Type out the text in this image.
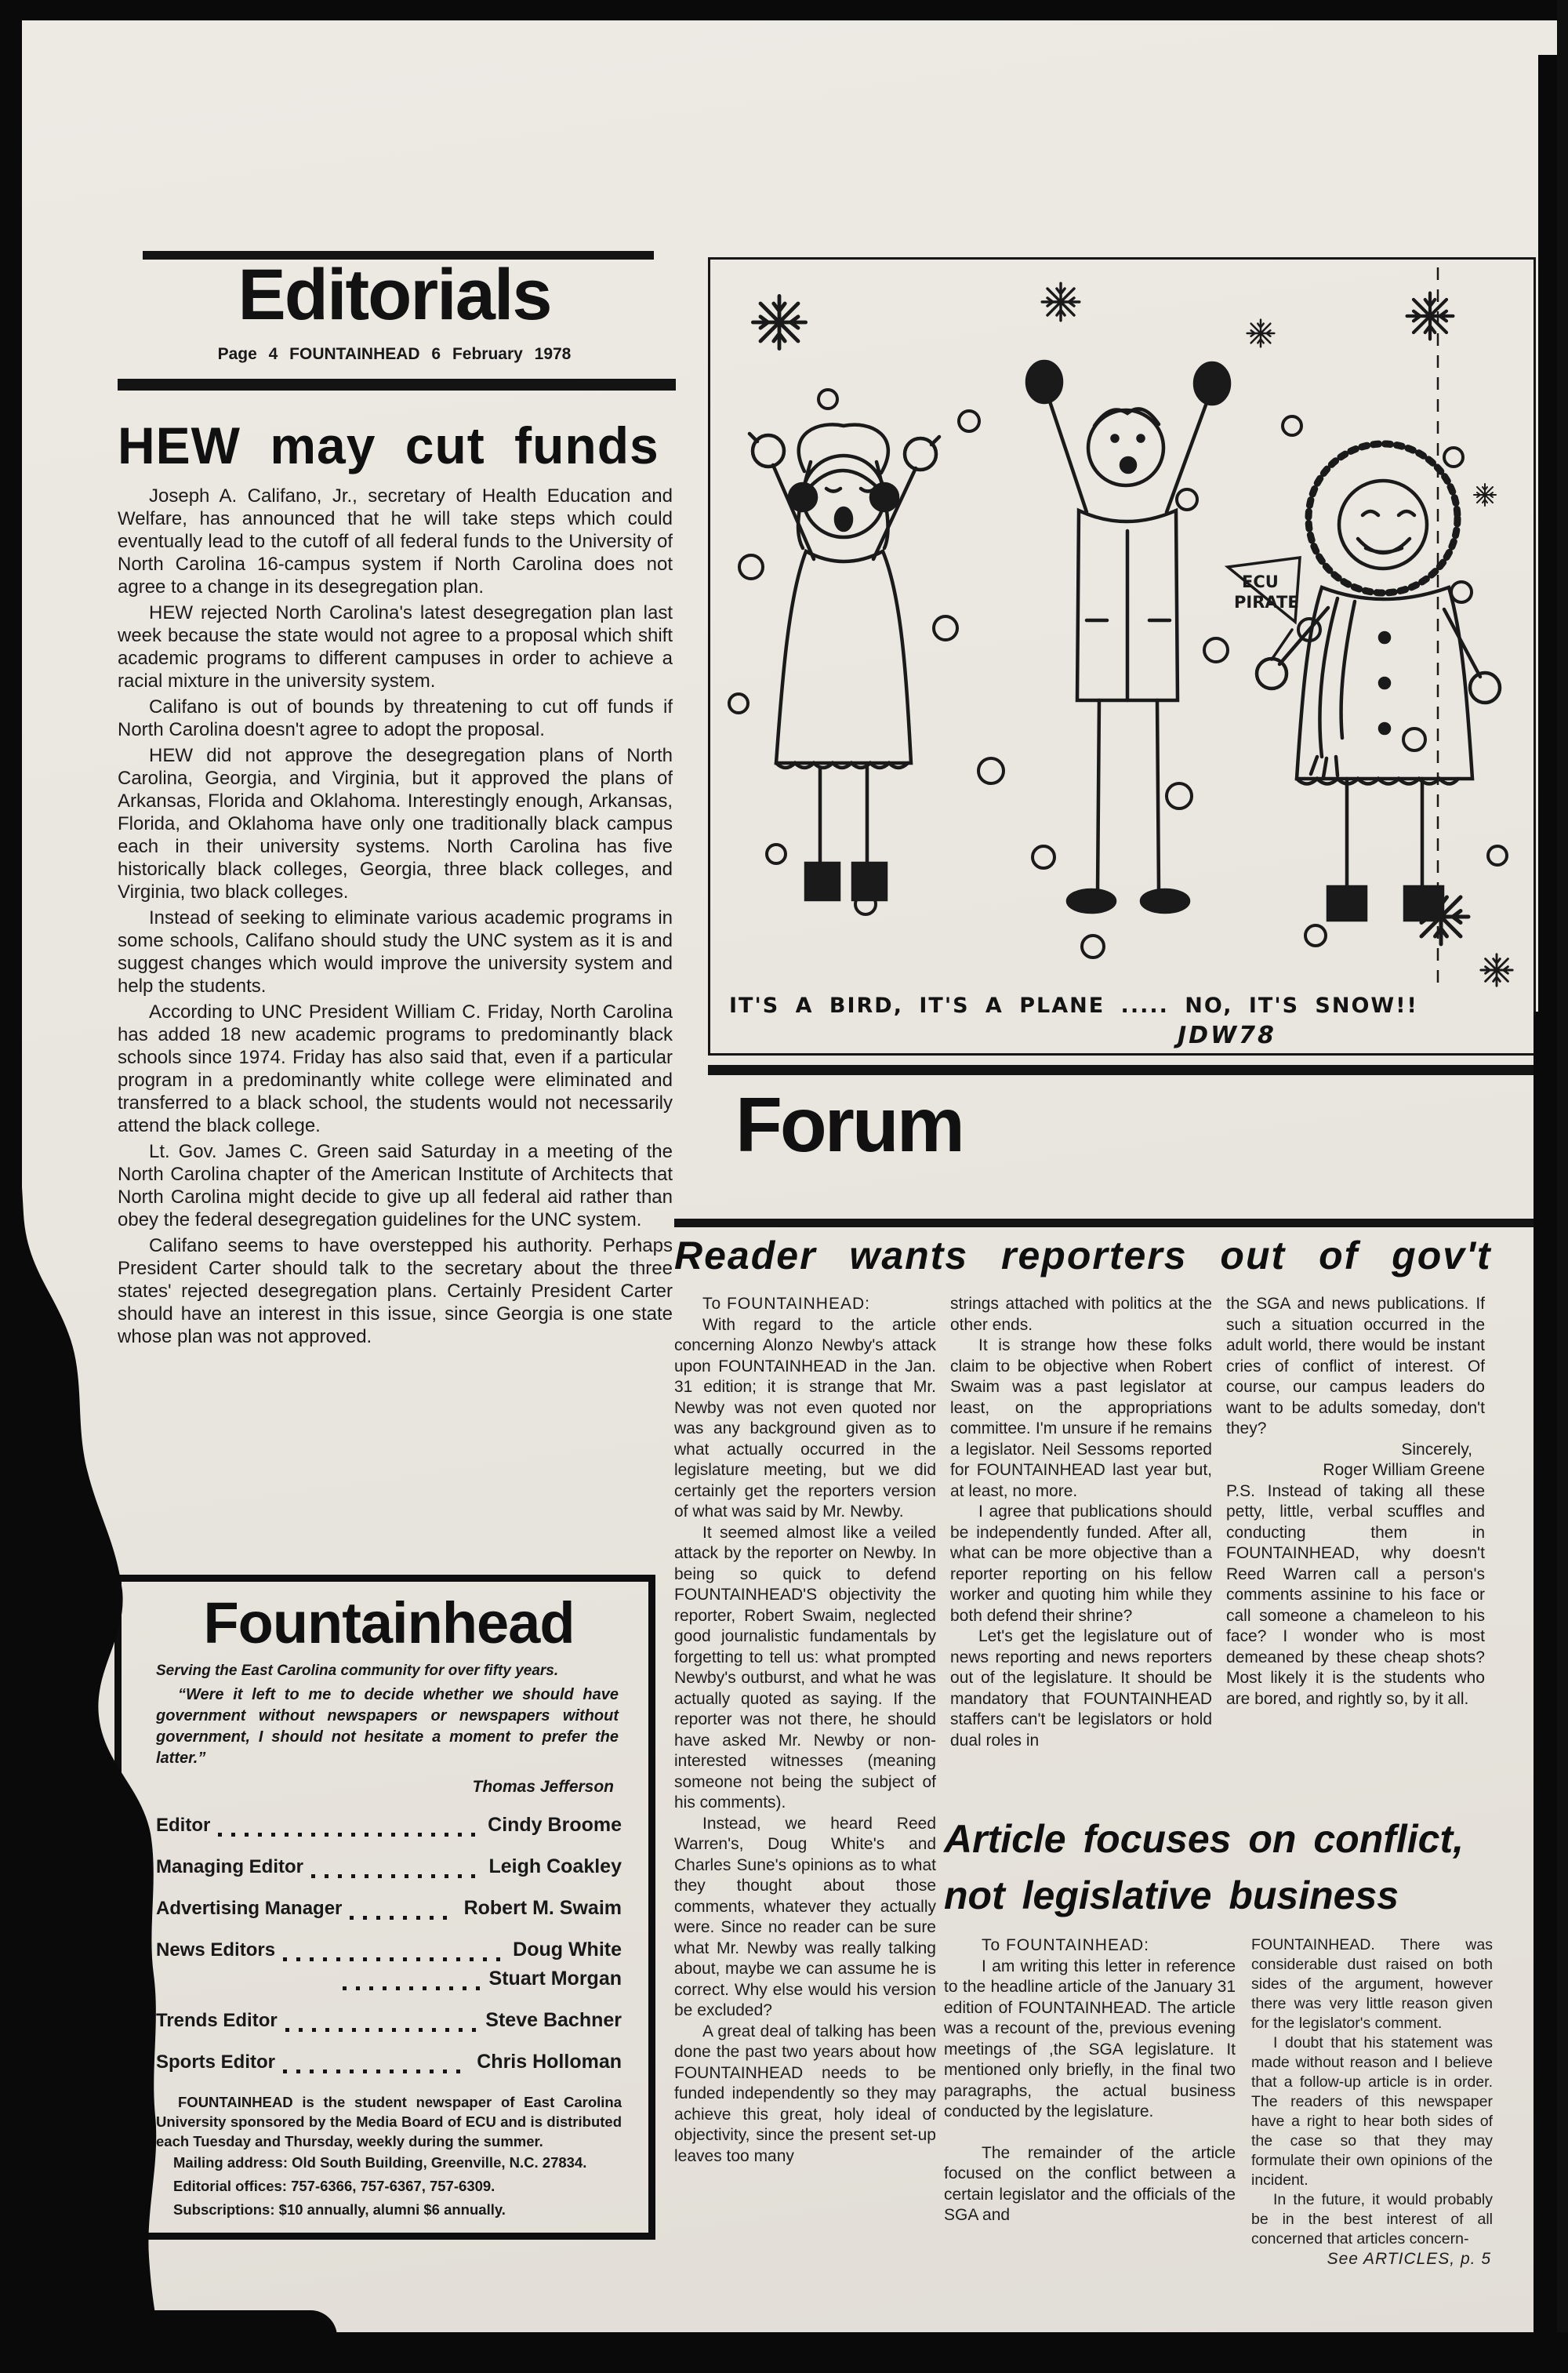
Editorials
Page 4 FOUNTAINHEAD 6 February 1978
HEW may cut funds

Joseph A. Califano, Jr., secretary of Health Education and Welfare, has announced that he will take steps which could eventually lead to the cutoff of all federal funds to the University of North Carolina 16-campus system if North Carolina does not agree to a change in its desegregation plan.

HEW rejected North Carolina's latest desegregation plan last week because the state would not agree to a proposal which shift academic programs to different campuses in order to achieve a racial mixture in the university system.

Califano is out of bounds by threatening to cut off funds if North Carolina doesn't agree to adopt the proposal.

HEW did not approve the desegregation plans of North Carolina, Georgia, and Virginia, but it approved the plans of Arkansas, Florida and Oklahoma. Interestingly enough, Arkansas, Florida, and Oklahoma have only one traditionally black campus each in their university systems. North Carolina has five historically black colleges, Georgia, three black colleges, and Virginia, two black colleges.

Instead of seeking to eliminate various academic programs in some schools, Califano should study the UNC system as it is and suggest changes which would improve the university system and help the students.

According to UNC President William C. Friday, North Carolina has added 18 new academic programs to predominantly black schools since 1974. Friday has also said that, even if a particular program in a predominantly white college were eliminated and transferred to a black school, the students would not necessarily attend the black college.

Lt. Gov. James C. Green said Saturday in a meeting of the North Carolina chapter of the American Institute of Architects that North Carolina might decide to give up all federal aid rather than obey the federal desegregation guidelines for the UNC system.

Califano seems to have overstepped his authority. Perhaps President Carter should talk to the secretary about the three states' rejected desegregation plans. Certainly President Carter should have an interest in this issue, since Georgia is one state whose plan was not approved.

ECU
PIRATE
IT'S A BIRD, IT'S A PLANE ..... NO, IT'S SNOW!!
JDW78
Forum
Reader wants reporters out of gov't

To FOUNTAINHEAD:

With regard to the article concerning Alonzo Newby's attack upon FOUNTAINHEAD in the Jan. 31 edition; it is strange that Mr. Newby was not even quoted nor was any background given as to what actually occurred in the legislature meeting, but we did certainly get the reporters version of what was said by Mr. Newby.

It seemed almost like a veiled attack by the reporter on Newby. In being so quick to defend FOUNTAINHEAD'S objectivity the reporter, Robert Swaim, neglected good journalistic fundamentals by forgetting to tell us: what prompted Newby's outburst, and what he was actually quoted as saying. If the reporter was not there, he should have asked Mr. Newby or non-interested witnesses (meaning someone not being the subject of his comments).

Instead, we heard Reed Warren's, Doug White's and Charles Sune's opinions as to what they thought about those comments, whatever they actually were. Since no reader can be sure what Mr. Newby was really talking about, maybe we can assume he is correct. Why else would his version be excluded?

A great deal of talking has been done the past two years about how FOUNTAINHEAD needs to be funded independently so they may achieve this great, holy ideal of objectivity, since the present set-up leaves too many

strings attached with politics at the other ends.

It is strange how these folks claim to be objective when Robert Swaim was a past legislator at least, on the appropriations committee. I'm unsure if he remains a legislator. Neil Sessoms reported for FOUNTAINHEAD last year but, at least, no more.

I agree that publications should be independently funded. After all, what can be more objective than a reporter reporting on his fellow worker and quoting him while they both defend their shrine?

Let's get the legislature out of news reporting and news reporters out of the legislature. It should be mandatory that FOUNTAINHEAD staffers can't be legislators or hold dual roles in

the SGA and news publications. If such a situation occurred in the adult world, there would be instant cries of conflict of interest. Of course, our campus leaders do want to be adults someday, don't they?

Sincerely,

Roger William Greene

P.S. Instead of taking all these petty, little, verbal scuffles and conducting them in FOUNTAINHEAD, why doesn't Reed Warren call a person's comments assinine to his face or call someone a chameleon to his face? I wonder who is most demeaned by these cheap shots? Most likely it is the students who are bored, and rightly so, by it all.

Article focuses on conflict,
not legislative business

To FOUNTAINHEAD:

I am writing this letter in reference to the headline article of the January 31 edition of FOUNTAINHEAD. The article was a recount of the, previous evening meetings of ,the SGA legislature. It mentioned only briefly, in the final two paragraphs, the actual business conducted by the legislature.

The remainder of the article focused on the conflict between a certain legislator and the officials of the SGA and

FOUNTAINHEAD. There was considerable dust raised on both sides of the argument, however there was very little reason given for the legislator's comment.

I doubt that his statement was made without reason and I believe that a follow-up article is in order. The readers of this newspaper have a right to hear both sides of the case so that they may formulate their own opinions of the incident.

In the future, it would probably be in the best interest of all concerned that articles concern-

See ARTICLES, p. 5

Fountainhead
Serving the East Carolina community for over fifty years.
“Were it left to me to decide whether we should have government without newspapers or newspapers without government, I should not hesitate a moment to prefer the latter.”
Thomas Jefferson
Editor	Cindy Broome
Managing Editor	Leigh Coakley
Advertising Manager	Robert M. Swaim
News Editors	Doug White
Stuart Morgan
Trends Editor	Steve Bachner
Sports Editor	Chris Holloman
FOUNTAINHEAD is the student newspaper of East Carolina University sponsored by the Media Board of ECU and is distributed each Tuesday and Thursday, weekly during the summer.
Mailing address: Old South Building, Greenville, N.C. 27834.
Editorial offices: 757-6366, 757-6367, 757-6309.
Subscriptions: $10 annually, alumni $6 annually.
